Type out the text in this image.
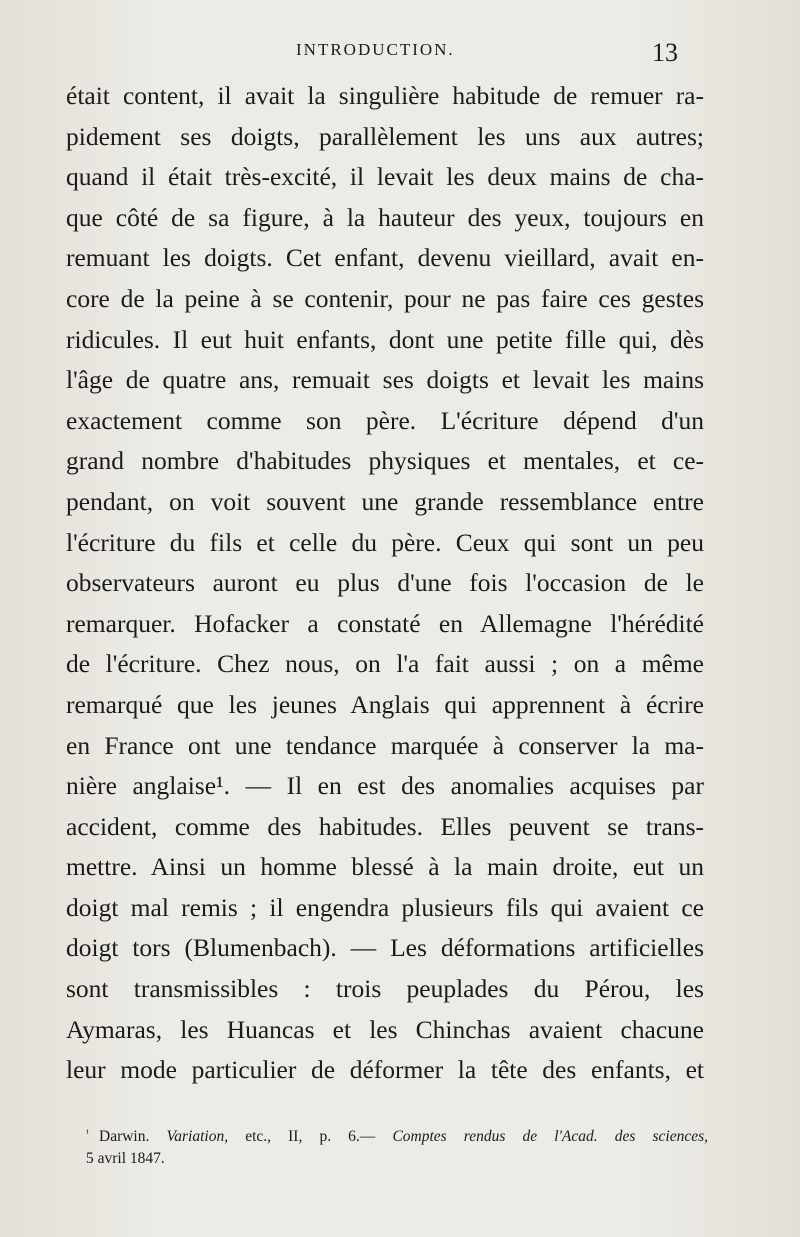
INTRODUCTION.	13
était content, il avait la singulière habitude de remuer ra-
pidement ses doigts, parallèlement les uns aux autres;
quand il était très-excité, il levait les deux mains de cha-
que côté de sa figure, à la hauteur des yeux, toujours en
remuant les doigts. Cet enfant, devenu vieillard, avait en-
core de la peine à se contenir, pour ne pas faire ces gestes
ridicules. Il eut huit enfants, dont une petite fille qui, dès
l'âge de quatre ans, remuait ses doigts et levait les mains
exactement comme son père. L'écriture dépend d'un
grand nombre d'habitudes physiques et mentales, et ce-
pendant, on voit souvent une grande ressemblance entre
l'écriture du fils et celle du père. Ceux qui sont un peu
observateurs auront eu plus d'une fois l'occasion de le
remarquer. Hofacker a constaté en Allemagne l'hérédité
de l'écriture. Chez nous, on l'a fait aussi ; on a même
remarqué que les jeunes Anglais qui apprennent à écrire
en France ont une tendance marquée à conserver la ma-
nière anglaise¹. — Il en est des anomalies acquises par
accident, comme des habitudes. Elles peuvent se trans-
mettre. Ainsi un homme blessé à la main droite, eut un
doigt mal remis ; il engendra plusieurs fils qui avaient ce
doigt tors (Blumenbach). — Les déformations artificielles
sont transmissibles : trois peuplades du Pérou, les
Aymaras, les Huancas et les Chinchas avaient chacune
leur mode particulier de déformer la tête des enfants, et
$^{^1}$ Darwin. Variation, etc., II, p. 6.— Comptes rendus de l'Acad. des sciences,
5 avril 1847.
